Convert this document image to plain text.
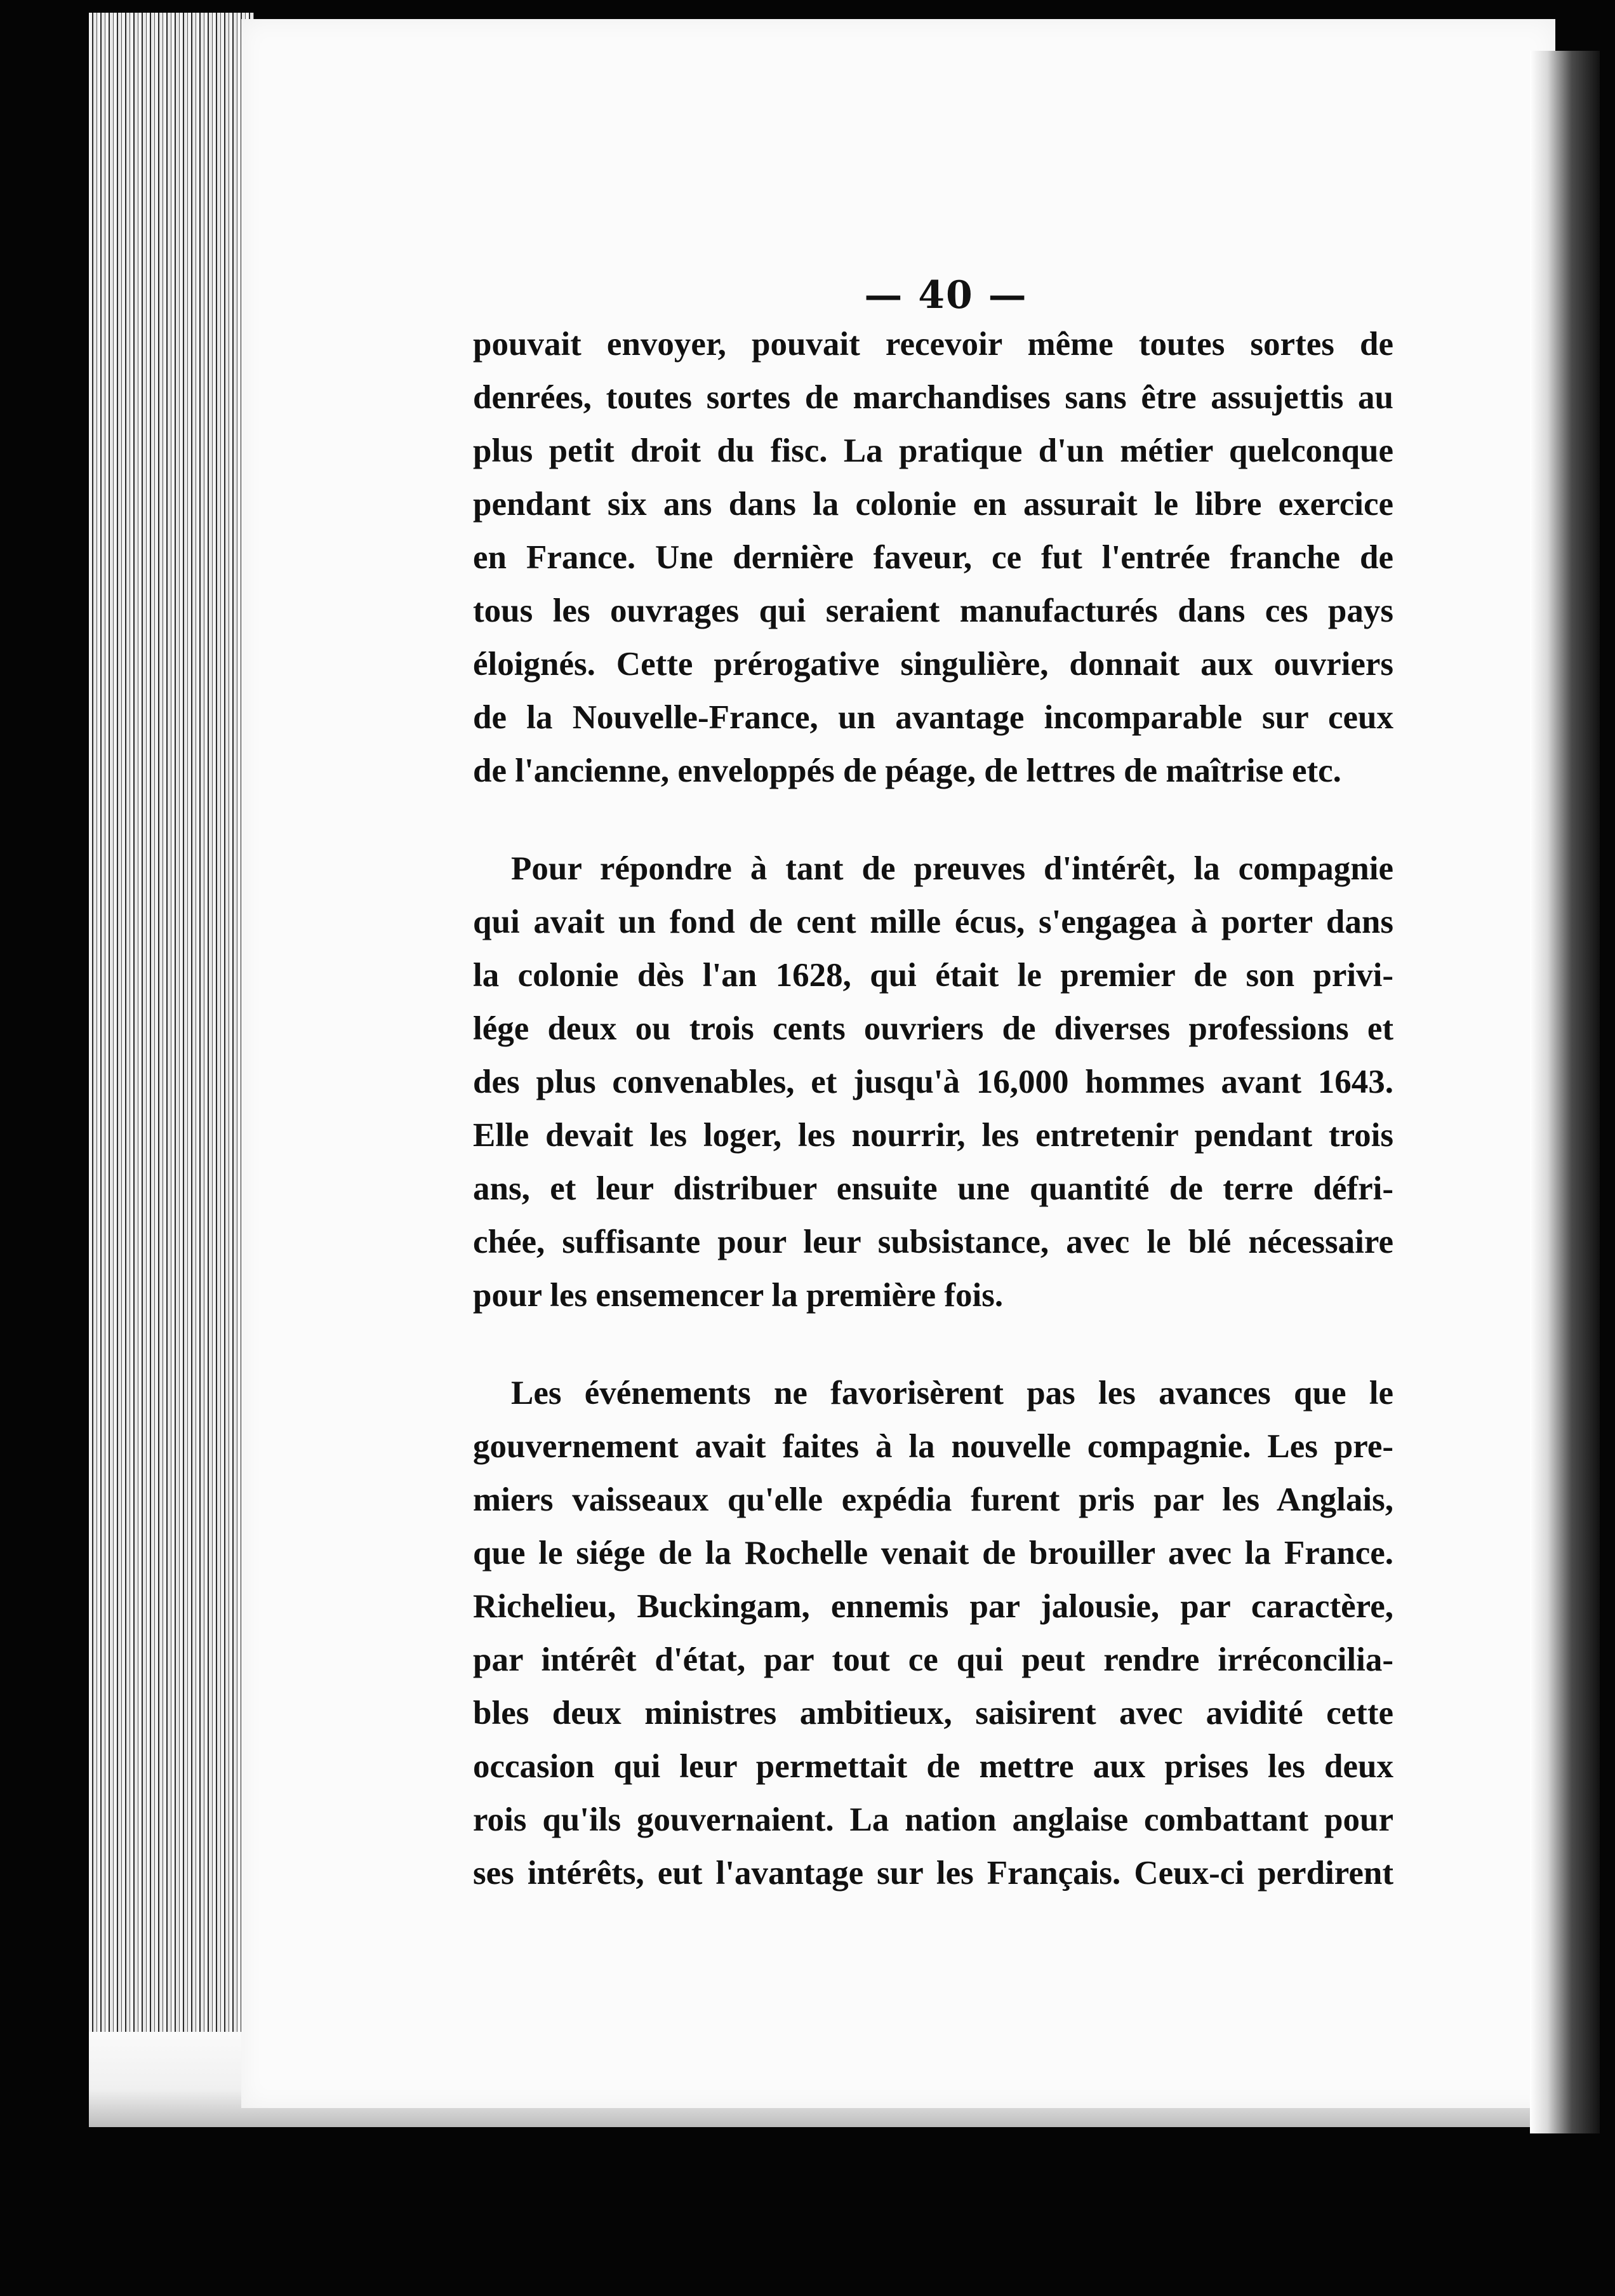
— 40 —
pouvait envoyer, pouvait recevoir même toutes sortes de
denrées, toutes sortes de marchandises sans être assujettis au
plus petit droit du fisc. La pratique d'un métier quelconque
pendant six ans dans la colonie en assurait le libre exercice
en France. Une dernière faveur, ce fut l'entrée franche de
tous les ouvrages qui seraient manufacturés dans ces pays
éloignés. Cette prérogative singulière, donnait aux ouvriers
de la Nouvelle-France, un avantage incomparable sur ceux
de l'ancienne, enveloppés de péage, de lettres de maîtrise etc.
Pour répondre à tant de preuves d'intérêt, la compagnie
qui avait un fond de cent mille écus, s'engagea à porter dans
la colonie dès l'an 1628, qui était le premier de son privi-
lége deux ou trois cents ouvriers de diverses professions et
des plus convenables, et jusqu'à 16,000 hommes avant 1643.
Elle devait les loger, les nourrir, les entretenir pendant trois
ans, et leur distribuer ensuite une quantité de terre défri-
chée, suffisante pour leur subsistance, avec le blé nécessaire
pour les ensemencer la première fois.
Les événements ne favorisèrent pas les avances que le
gouvernement avait faites à la nouvelle compagnie. Les pre-
miers vaisseaux qu'elle expédia furent pris par les Anglais,
que le siége de la Rochelle venait de brouiller avec la France.
Richelieu, Buckingam, ennemis par jalousie, par caractère,
par intérêt d'état, par tout ce qui peut rendre irréconcilia-
bles deux ministres ambitieux, saisirent avec avidité cette
occasion qui leur permettait de mettre aux prises les deux
rois qu'ils gouvernaient. La nation anglaise combattant pour
ses intérêts, eut l'avantage sur les Français. Ceux-ci perdirent
